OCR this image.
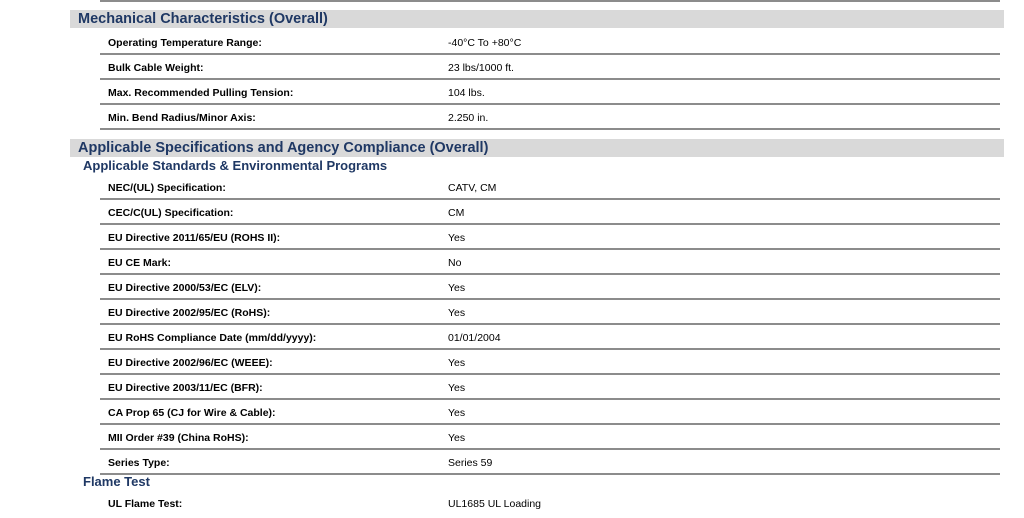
Mechanical Characteristics (Overall)
Operating Temperature Range:	-40°C To +80°C
Bulk Cable Weight:	23 lbs/1000 ft.
Max. Recommended Pulling Tension:	104 lbs.
Min. Bend Radius/Minor Axis:	2.250 in.
Applicable Specifications and Agency Compliance (Overall)
Applicable Standards & Environmental Programs
NEC/(UL) Specification:	CATV, CM
CEC/C(UL) Specification:	CM
EU Directive 2011/65/EU (ROHS II):	Yes
EU CE Mark:	No
EU Directive 2000/53/EC (ELV):	Yes
EU Directive 2002/95/EC (RoHS):	Yes
EU RoHS Compliance Date (mm/dd/yyyy):	01/01/2004
EU Directive 2002/96/EC (WEEE):	Yes
EU Directive 2003/11/EC (BFR):	Yes
CA Prop 65 (CJ for Wire & Cable):	Yes
MII Order #39 (China RoHS):	Yes
Series Type:	Series 59
Flame Test
UL Flame Test:	UL1685 UL Loading
